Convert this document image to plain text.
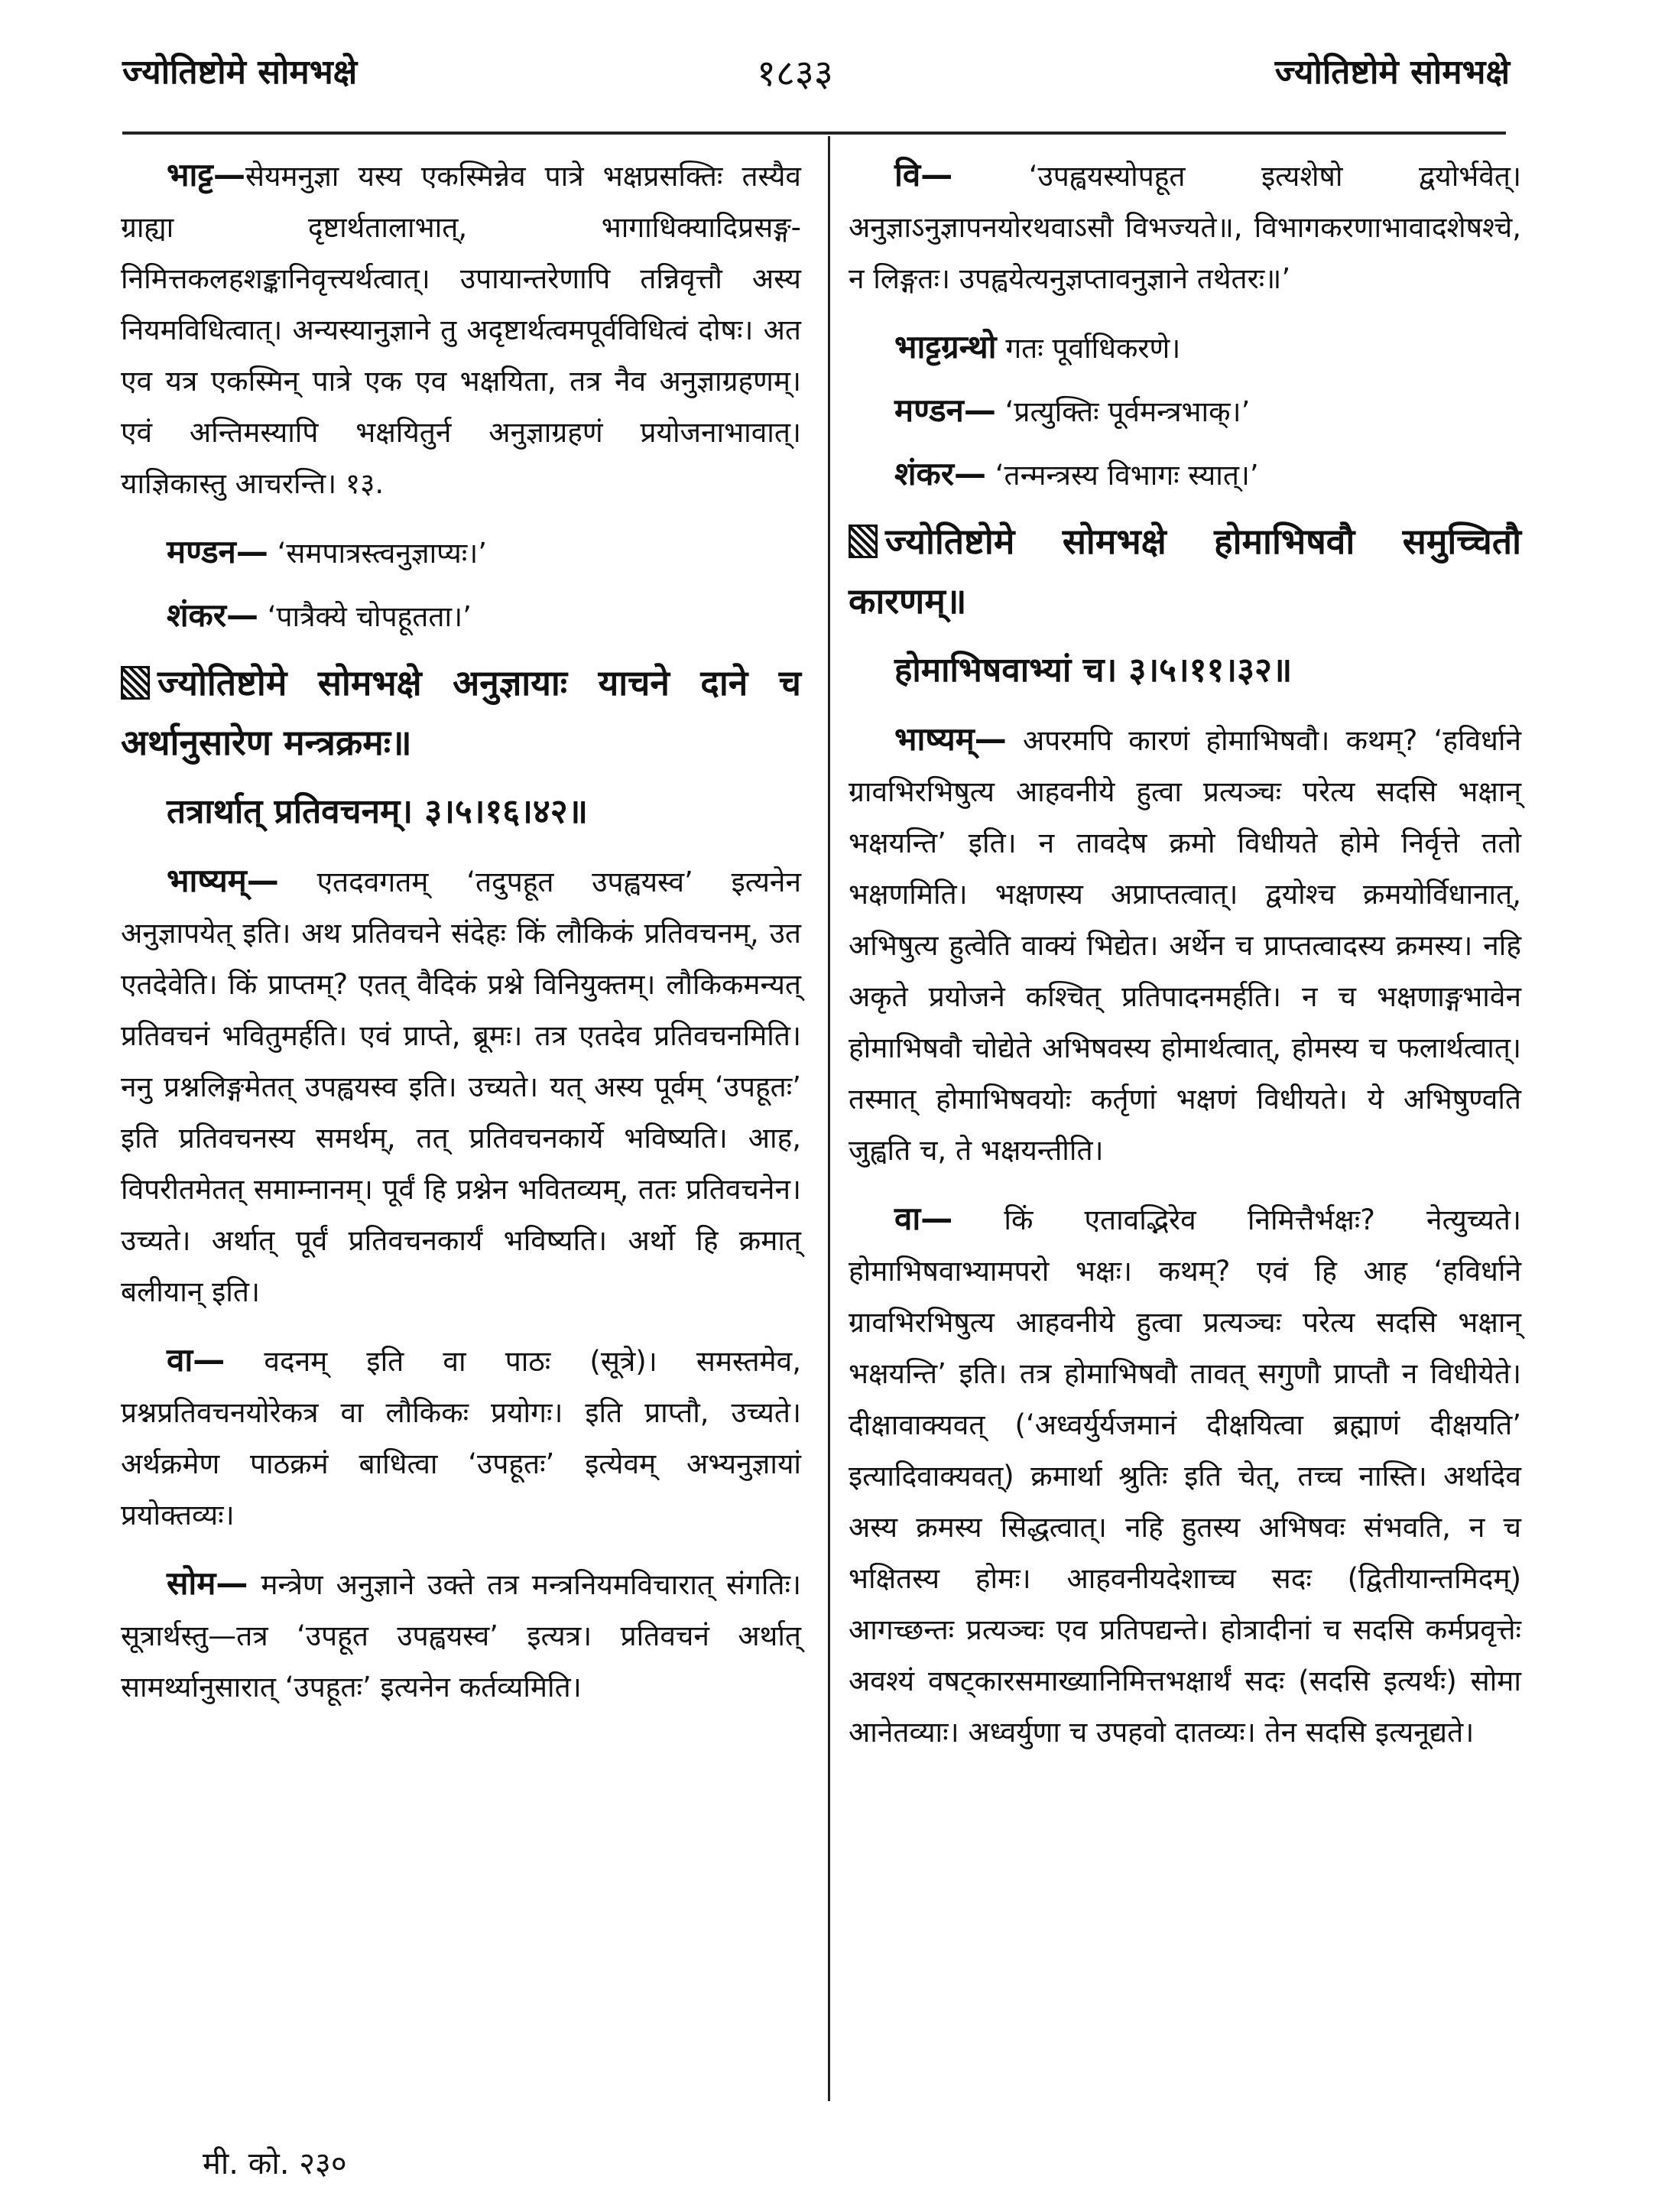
ज्योतिष्टोमे सोमभक्षे	१८३३	ज्योतिष्टोमे सोमभक्षे

भाट्ट—सेयमनुज्ञा यस्य एकस्मिन्नेव पात्रे भक्षप्रसक्तिः तस्यैव ग्राह्या दृष्टार्थतालाभात्, भागाधिक्यादिप्रसङ्ग-निमित्तकलहशङ्कानिवृत्त्यर्थत्वात्। उपायान्तरेणापि तन्निवृत्तौ अस्य नियमविधित्वात्। अन्यस्यानुज्ञाने तु अदृष्टार्थत्वमपूर्वविधित्वं दोषः। अत एव यत्र एकस्मिन् पात्रे एक एव भक्षयिता, तत्र नैव अनुज्ञाग्रहणम्। एवं अन्तिमस्यापि भक्षयितुर्न अनुज्ञाग्रहणं प्रयोजनाभावात्। याज्ञिकास्तु आचरन्ति। १३.

मण्डन— ‘समपात्रस्त्वनुज्ञाप्यः।’

शंकर— ‘पात्रैक्ये चोपहूतता।’

ज्योतिष्टोमे सोमभक्षे अनुज्ञायाः याचने दाने च अर्थानुसारेण मन्त्रक्रमः॥

तत्रार्थात् प्रतिवचनम्। ३।५।१६।४२॥

भाष्यम्— एतदवगतम् ‘तदुपहूत उपह्वयस्व’ इत्यनेन अनुज्ञापयेत् इति। अथ प्रतिवचने संदेहः किं लौकिकं प्रतिवचनम्, उत एतदेवेति। किं प्राप्तम्? एतत् वैदिकं प्रश्ने विनियुक्तम्। लौकिकमन्यत् प्रतिवचनं भवितुमर्हति। एवं प्राप्ते, ब्रूमः। तत्र एतदेव प्रतिवचनमिति। ननु प्रश्नलिङ्गमेतत् उपह्वयस्व इति। उच्यते। यत् अस्य पूर्वम् ‘उपहूतः’ इति प्रतिवचनस्य समर्थम्, तत् प्रतिवचनकार्ये भविष्यति। आह, विपरीतमेतत् समाम्नानम्। पूर्वं हि प्रश्नेन भवितव्यम्, ततः प्रतिवचनेन। उच्यते। अर्थात् पूर्वं प्रतिवचनकार्यं भविष्यति। अर्थो हि क्रमात् बलीयान् इति।

वा— वदनम् इति वा पाठः (सूत्रे)। समस्तमेव, प्रश्नप्रतिवचनयोरेकत्र वा लौकिकः प्रयोगः। इति प्राप्तौ, उच्यते। अर्थक्रमेण पाठक्रमं बाधित्वा ‘उपहूतः’ इत्येवम् अभ्यनुज्ञायां प्रयोक्तव्यः।

सोम— मन्त्रेण अनुज्ञाने उक्ते तत्र मन्त्रनियमविचारात् संगतिः। सूत्रार्थस्तु—तत्र ‘उपहूत उपह्वयस्व’ इत्यत्र। प्रतिवचनं अर्थात् सामर्थ्यानुसारात् ‘उपहूतः’ इत्यनेन कर्तव्यमिति।

वि—	‘उपह्वयस्योपहूत इत्यशेषो द्वयोर्भवेत्। अनुज्ञाऽनुज्ञापनयोरथवाऽसौ विभज्यते॥, विभागकरणाभावादशेषश्चे, न लिङ्गतः। उपह्वयेत्यनुज्ञप्तावनुज्ञाने तथेतरः॥’

भाट्टग्रन्थो गतः पूर्वाधिकरणे।

मण्डन— ‘प्रत्युक्तिः पूर्वमन्त्रभाक्।’

शंकर— ‘तन्मन्त्रस्य विभागः स्यात्।’

ज्योतिष्टोमे सोमभक्षे होमाभिषवौ समुच्चितौ कारणम्॥

होमाभिषवाभ्यां च। ३।५।११।३२॥

भाष्यम्— अपरमपि कारणं होमाभिषवौ। कथम्? ‘हविर्धाने ग्रावभिरभिषुत्य आहवनीये हुत्वा प्रत्यञ्चः परेत्य सदसि भक्षान् भक्षयन्ति’ इति। न तावदेष क्रमो विधीयते होमे निर्वृत्ते ततो भक्षणमिति। भक्षणस्य अप्राप्तत्वात्। द्वयोश्च क्रमयोर्विधानात्, अभिषुत्य हुत्वेति वाक्यं भिद्येत। अर्थेन च प्राप्तत्वादस्य क्रमस्य। नहि अकृते प्रयोजने कश्चित् प्रतिपादनमर्हति। न च भक्षणाङ्गभावेन होमाभिषवौ चोद्येते अभिषवस्य होमार्थत्वात्, होमस्य च फलार्थत्वात्। तस्मात् होमाभिषवयोः कर्तृणां भक्षणं विधीयते। ये अभिषुण्वति जुह्वति च, ते भक्षयन्तीति।

वा— किं एतावद्भिरेव निमित्तैर्भक्षः? नेत्युच्यते। होमाभिषवाभ्यामपरो भक्षः। कथम्? एवं हि आह ‘हविर्धाने ग्रावभिरभिषुत्य आहवनीये हुत्वा प्रत्यञ्चः परेत्य सदसि भक्षान् भक्षयन्ति’ इति। तत्र होमाभिषवौ तावत् सगुणौ प्राप्तौ न विधीयेते। दीक्षावाक्यवत् (‘अध्वर्युर्यजमानं दीक्षयित्वा ब्रह्माणं दीक्षयति’ इत्यादिवाक्यवत्) क्रमार्था श्रुतिः इति चेत्, तच्च नास्ति। अर्थादेव अस्य क्रमस्य सिद्धत्वात्। नहि हुतस्य अभिषवः संभवति, न च भक्षितस्य होमः। आहवनीयदेशाच्च सदः (द्वितीयान्तमिदम्) आगच्छन्तः प्रत्यञ्चः एव प्रतिपद्यन्ते। होत्रादीनां च सदसि कर्मप्रवृत्तेः अवश्यं वषट्कारसमाख्यानिमित्तभक्षार्थं सदः (सदसि इत्यर्थः) सोमा आनेतव्याः। अध्वर्युणा च उपहवो दातव्यः। तेन सदसि इत्यनूद्यते।

मी. को. २३०
